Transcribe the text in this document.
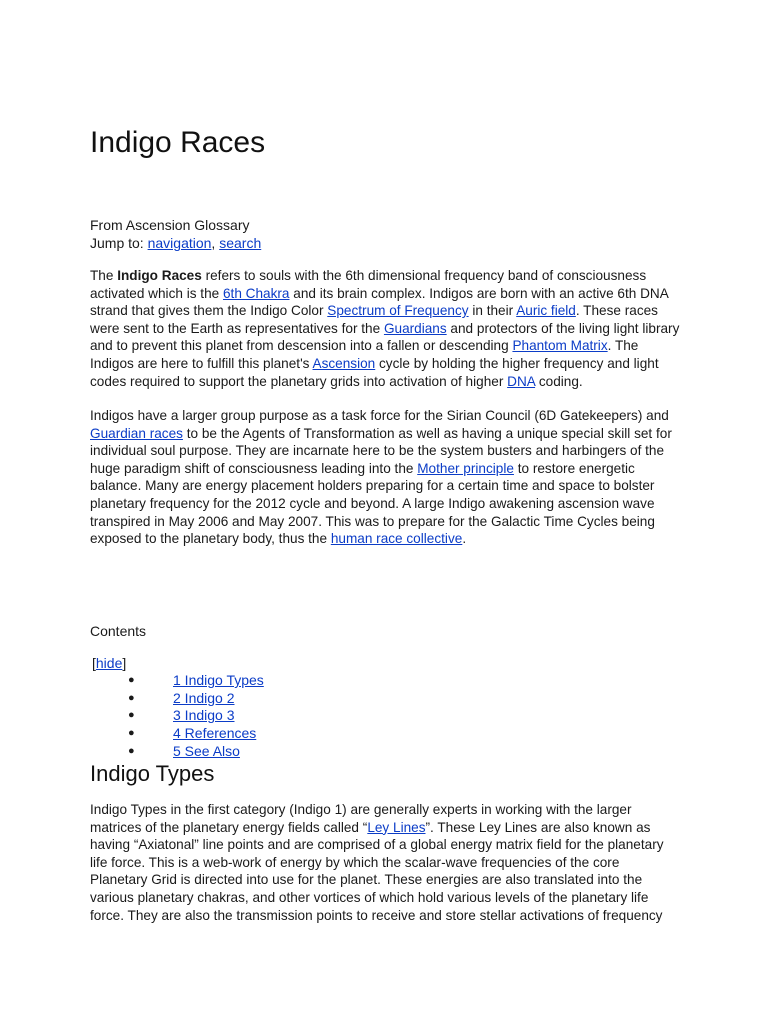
Indigo Races
From Ascension Glossary
Jump to: navigation, search

The Indigo Races refers to souls with the 6th dimensional frequency band of consciousness activated which is the 6th Chakra and its brain complex. Indigos are born with an active 6th DNA strand that gives them the Indigo Color Spectrum of Frequency in their Auric field. These races were sent to the Earth as representatives for the Guardians and protectors of the living light library and to prevent this planet from descension into a fallen or descending Phantom Matrix. The Indigos are here to fulfill this planet's Ascension cycle by holding the higher frequency and light codes required to support the planetary grids into activation of higher DNA coding.

Indigos have a larger group purpose as a task force for the Sirian Council (6D Gatekeepers) and Guardian races to be the Agents of Transformation as well as having a unique special skill set for individual soul purpose. They are incarnate here to be the system busters and harbingers of the huge paradigm shift of consciousness leading into the Mother principle to restore energetic balance. Many are energy placement holders preparing for a certain time and space to bolster planetary frequency for the 2012 cycle and beyond. A large Indigo awakening ascension wave transpired in May 2006 and May 2007. This was to prepare for the Galactic Time Cycles being exposed to the planetary body, thus the human race collective.

Contents
[hide]
●	1 Indigo Types
●	2 Indigo 2
●	3 Indigo 3
●	4 References
●	5 See Also
Indigo Types

Indigo Types in the first category (Indigo 1) are generally experts in working with the larger matrices of the planetary energy fields called “Ley Lines”. These Ley Lines are also known as having “Axiatonal” line points and are comprised of a global energy matrix field for the planetary life force. This is a web-work of energy by which the scalar-wave frequencies of the core Planetary Grid is directed into use for the planet. These energies are also translated into the various planetary chakras, and other vortices of which hold various levels of the planetary life force. They are also the transmission points to receive and store stellar activations of frequency
